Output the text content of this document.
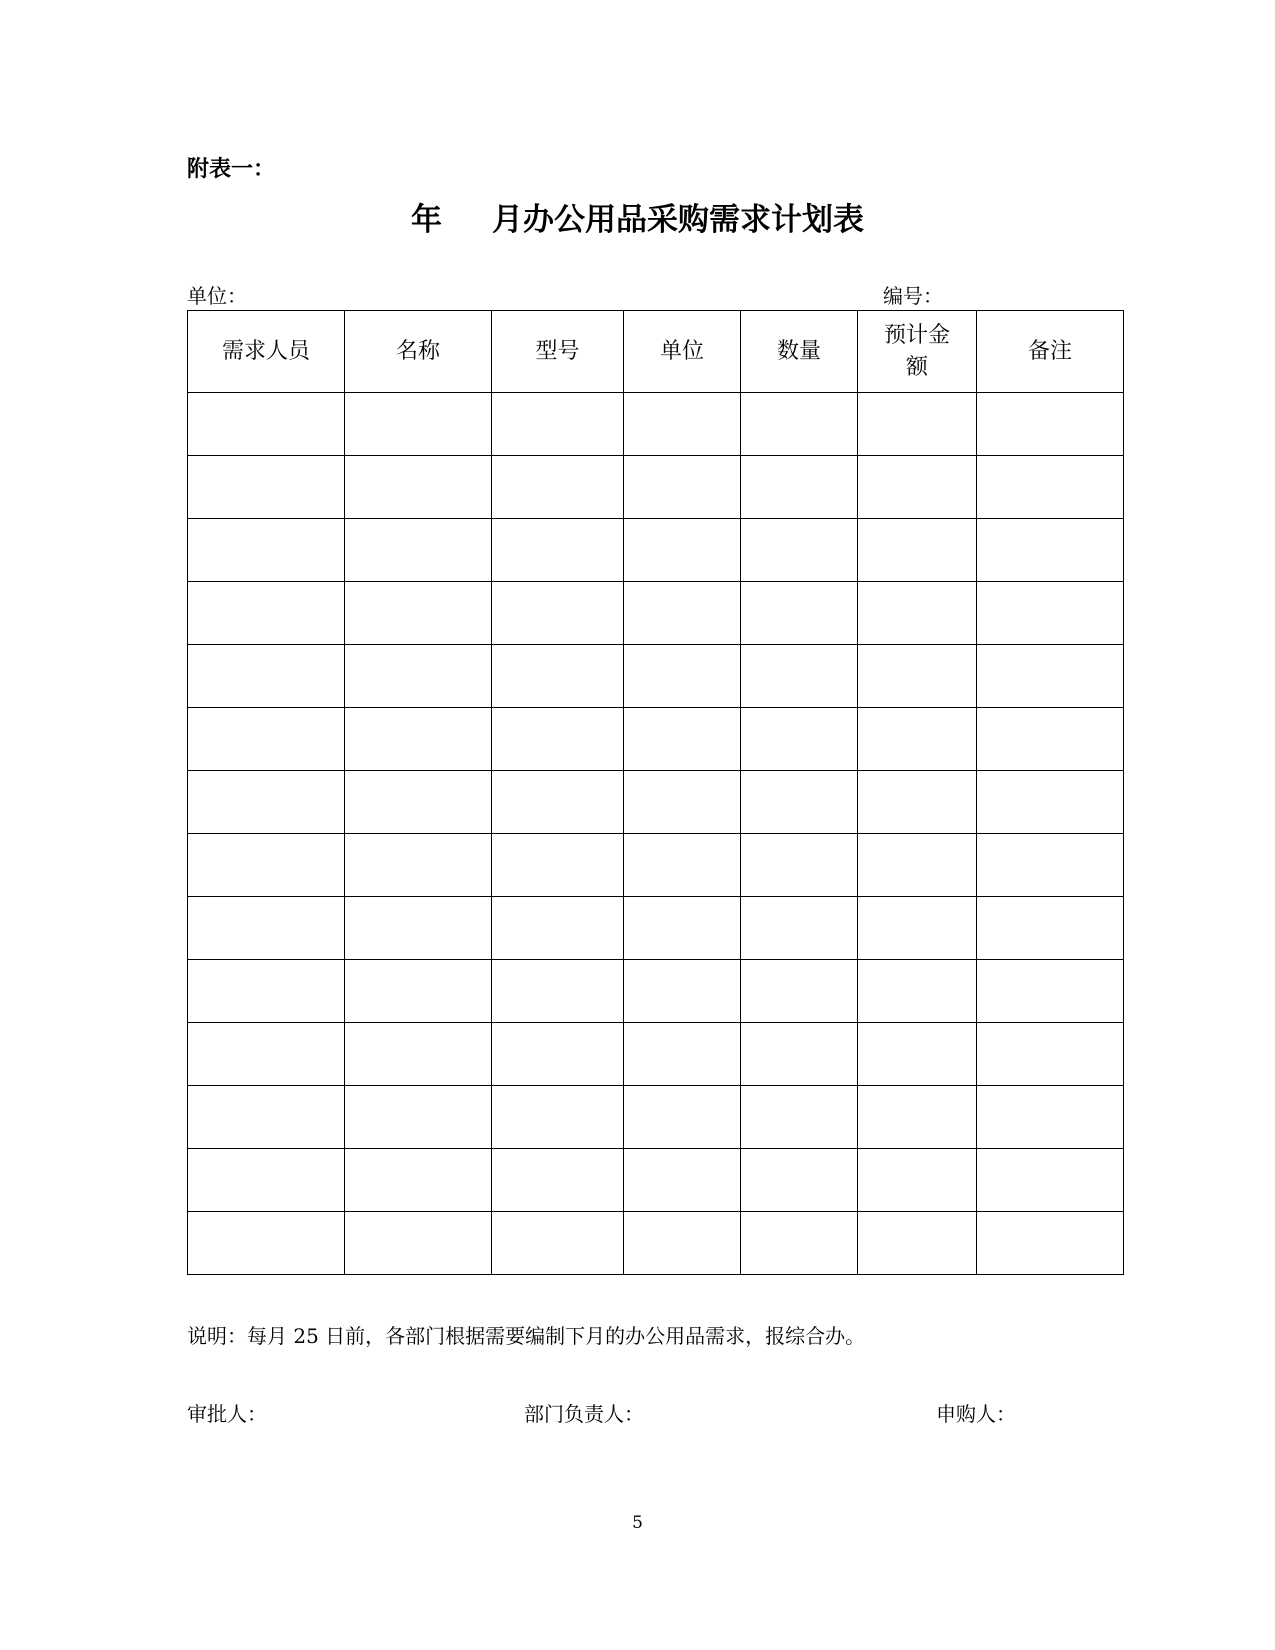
附表一：
年 月办公用品采购需求计划表
单位：	编号：
需求人员	名称	型号	单位	数量	预计金额	备注

说明：每月 25 日前，各部门根据需要编制下月的办公用品需求，报综合办。
审批人：	部门负责人：	申购人：
5
